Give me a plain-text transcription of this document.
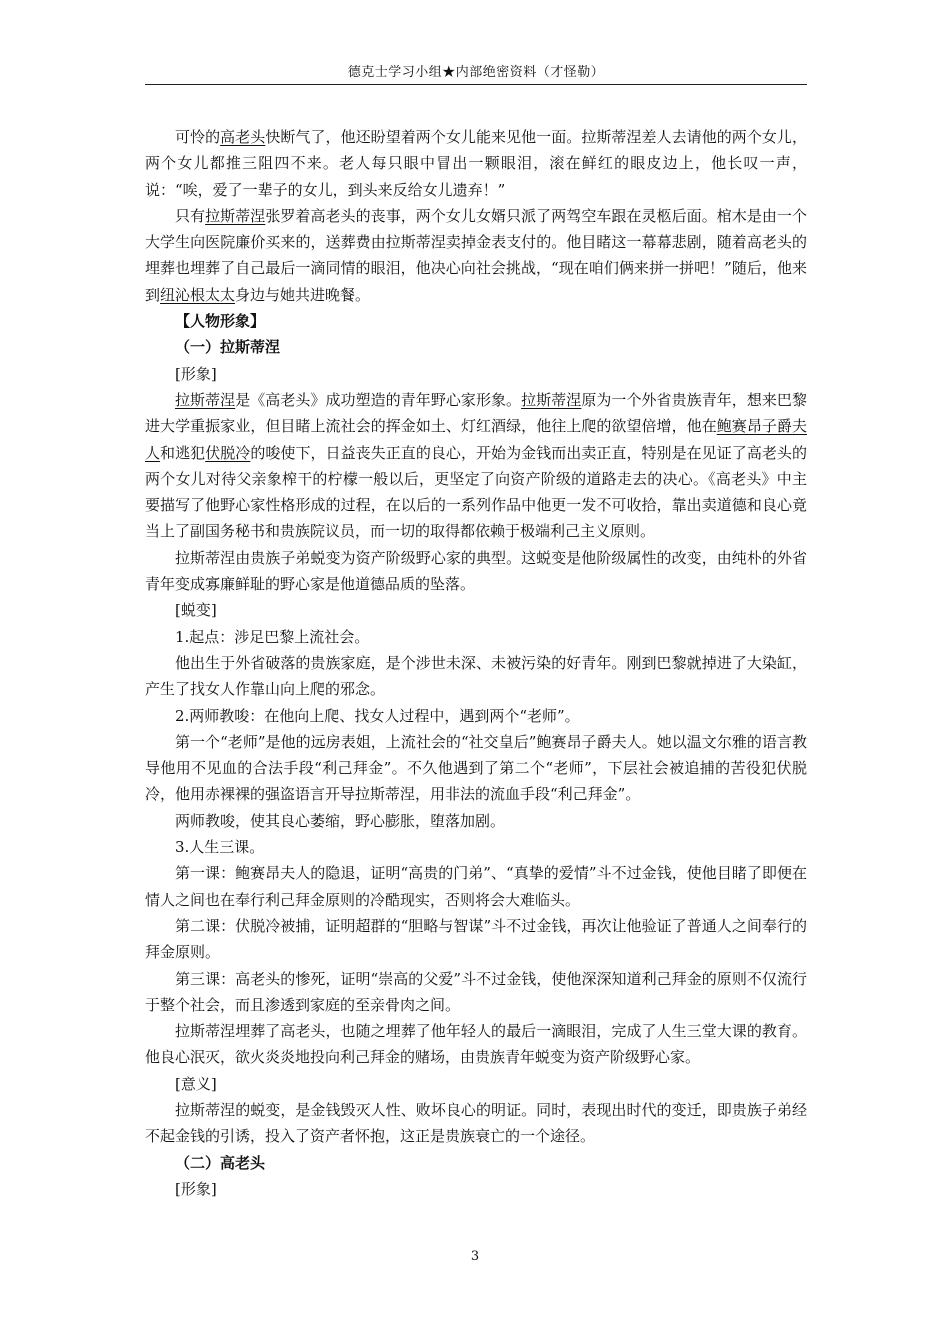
德克士学习小组★内部绝密资料（才怪勒）

可怜的高老头快断气了，他还盼望着两个女儿能来见他一面。拉斯蒂涅差人去请他的两个女儿，两个女儿都推三阻四不来。老人每只眼中冒出一颗眼泪，滚在鲜红的眼皮边上，他长叹一声，说：“唉，爱了一辈子的女儿，到头来反给女儿遗弃！”

只有拉斯蒂涅张罗着高老头的丧事，两个女儿女婿只派了两驾空车跟在灵柩后面。棺木是由一个大学生向医院廉价买来的，送葬费由拉斯蒂涅卖掉金表支付的。他目睹这一幕幕悲剧，随着高老头的埋葬也埋葬了自己最后一滴同情的眼泪，他决心向社会挑战，“现在咱们俩来拼一拼吧！”随后，他来到纽沁根太太身边与她共进晚餐。

【人物形象】

（一）拉斯蒂涅

[形象]

拉斯蒂涅是《高老头》成功塑造的青年野心家形象。拉斯蒂涅原为一个外省贵族青年，想来巴黎进大学重振家业，但目睹上流社会的挥金如土、灯红酒绿，他往上爬的欲望倍增，他在鲍赛昂子爵夫人和逃犯伏脱冷的唆使下，日益丧失正直的良心，开始为金钱而出卖正直，特别是在见证了高老头的两个女儿对待父亲象榨干的柠檬一般以后，更坚定了向资产阶级的道路走去的决心。《高老头》中主要描写了他野心家性格形成的过程，在以后的一系列作品中他更一发不可收拾，靠出卖道德和良心竟当上了副国务秘书和贵族院议员，而一切的取得都依赖于极端利己主义原则。

拉斯蒂涅由贵族子弟蜕变为资产阶级野心家的典型。这蜕变是他阶级属性的改变，由纯朴的外省青年变成寡廉鲜耻的野心家是他道德品质的坠落。

[蜕变]

1.起点：涉足巴黎上流社会。

他出生于外省破落的贵族家庭，是个涉世未深、未被污染的好青年。刚到巴黎就掉进了大染缸，产生了找女人作靠山向上爬的邪念。

2.两师教唆：在他向上爬、找女人过程中，遇到两个“老师”。

第一个“老师”是他的远房表姐，上流社会的“社交皇后”鲍赛昂子爵夫人。她以温文尔雅的语言教导他用不见血的合法手段“利己拜金”。不久他遇到了第二个“老师”，下层社会被追捕的苦役犯伏脱冷，他用赤裸裸的强盗语言开导拉斯蒂涅，用非法的流血手段“利己拜金”。

两师教唆，使其良心萎缩，野心膨胀，堕落加剧。

3.人生三课。

第一课：鲍赛昂夫人的隐退，证明“高贵的门弟”、“真挚的爱情”斗不过金钱，使他目睹了即便在情人之间也在奉行利己拜金原则的冷酷现实，否则将会大难临头。

第二课：伏脱冷被捕，证明超群的“胆略与智谋”斗不过金钱，再次让他验证了普通人之间奉行的拜金原则。

第三课：高老头的惨死，证明“崇高的父爱”斗不过金钱，使他深深知道利己拜金的原则不仅流行于整个社会，而且渗透到家庭的至亲骨肉之间。

拉斯蒂涅埋葬了高老头，也随之埋葬了他年轻人的最后一滴眼泪，完成了人生三堂大课的教育。他良心泯灭，欲火炎炎地投向利己拜金的赌场，由贵族青年蜕变为资产阶级野心家。

[意义]

拉斯蒂涅的蜕变，是金钱毁灭人性、败坏良心的明证。同时，表现出时代的变迁，即贵族子弟经不起金钱的引诱，投入了资产者怀抱，这正是贵族衰亡的一个途径。

（二）高老头

[形象]

3
